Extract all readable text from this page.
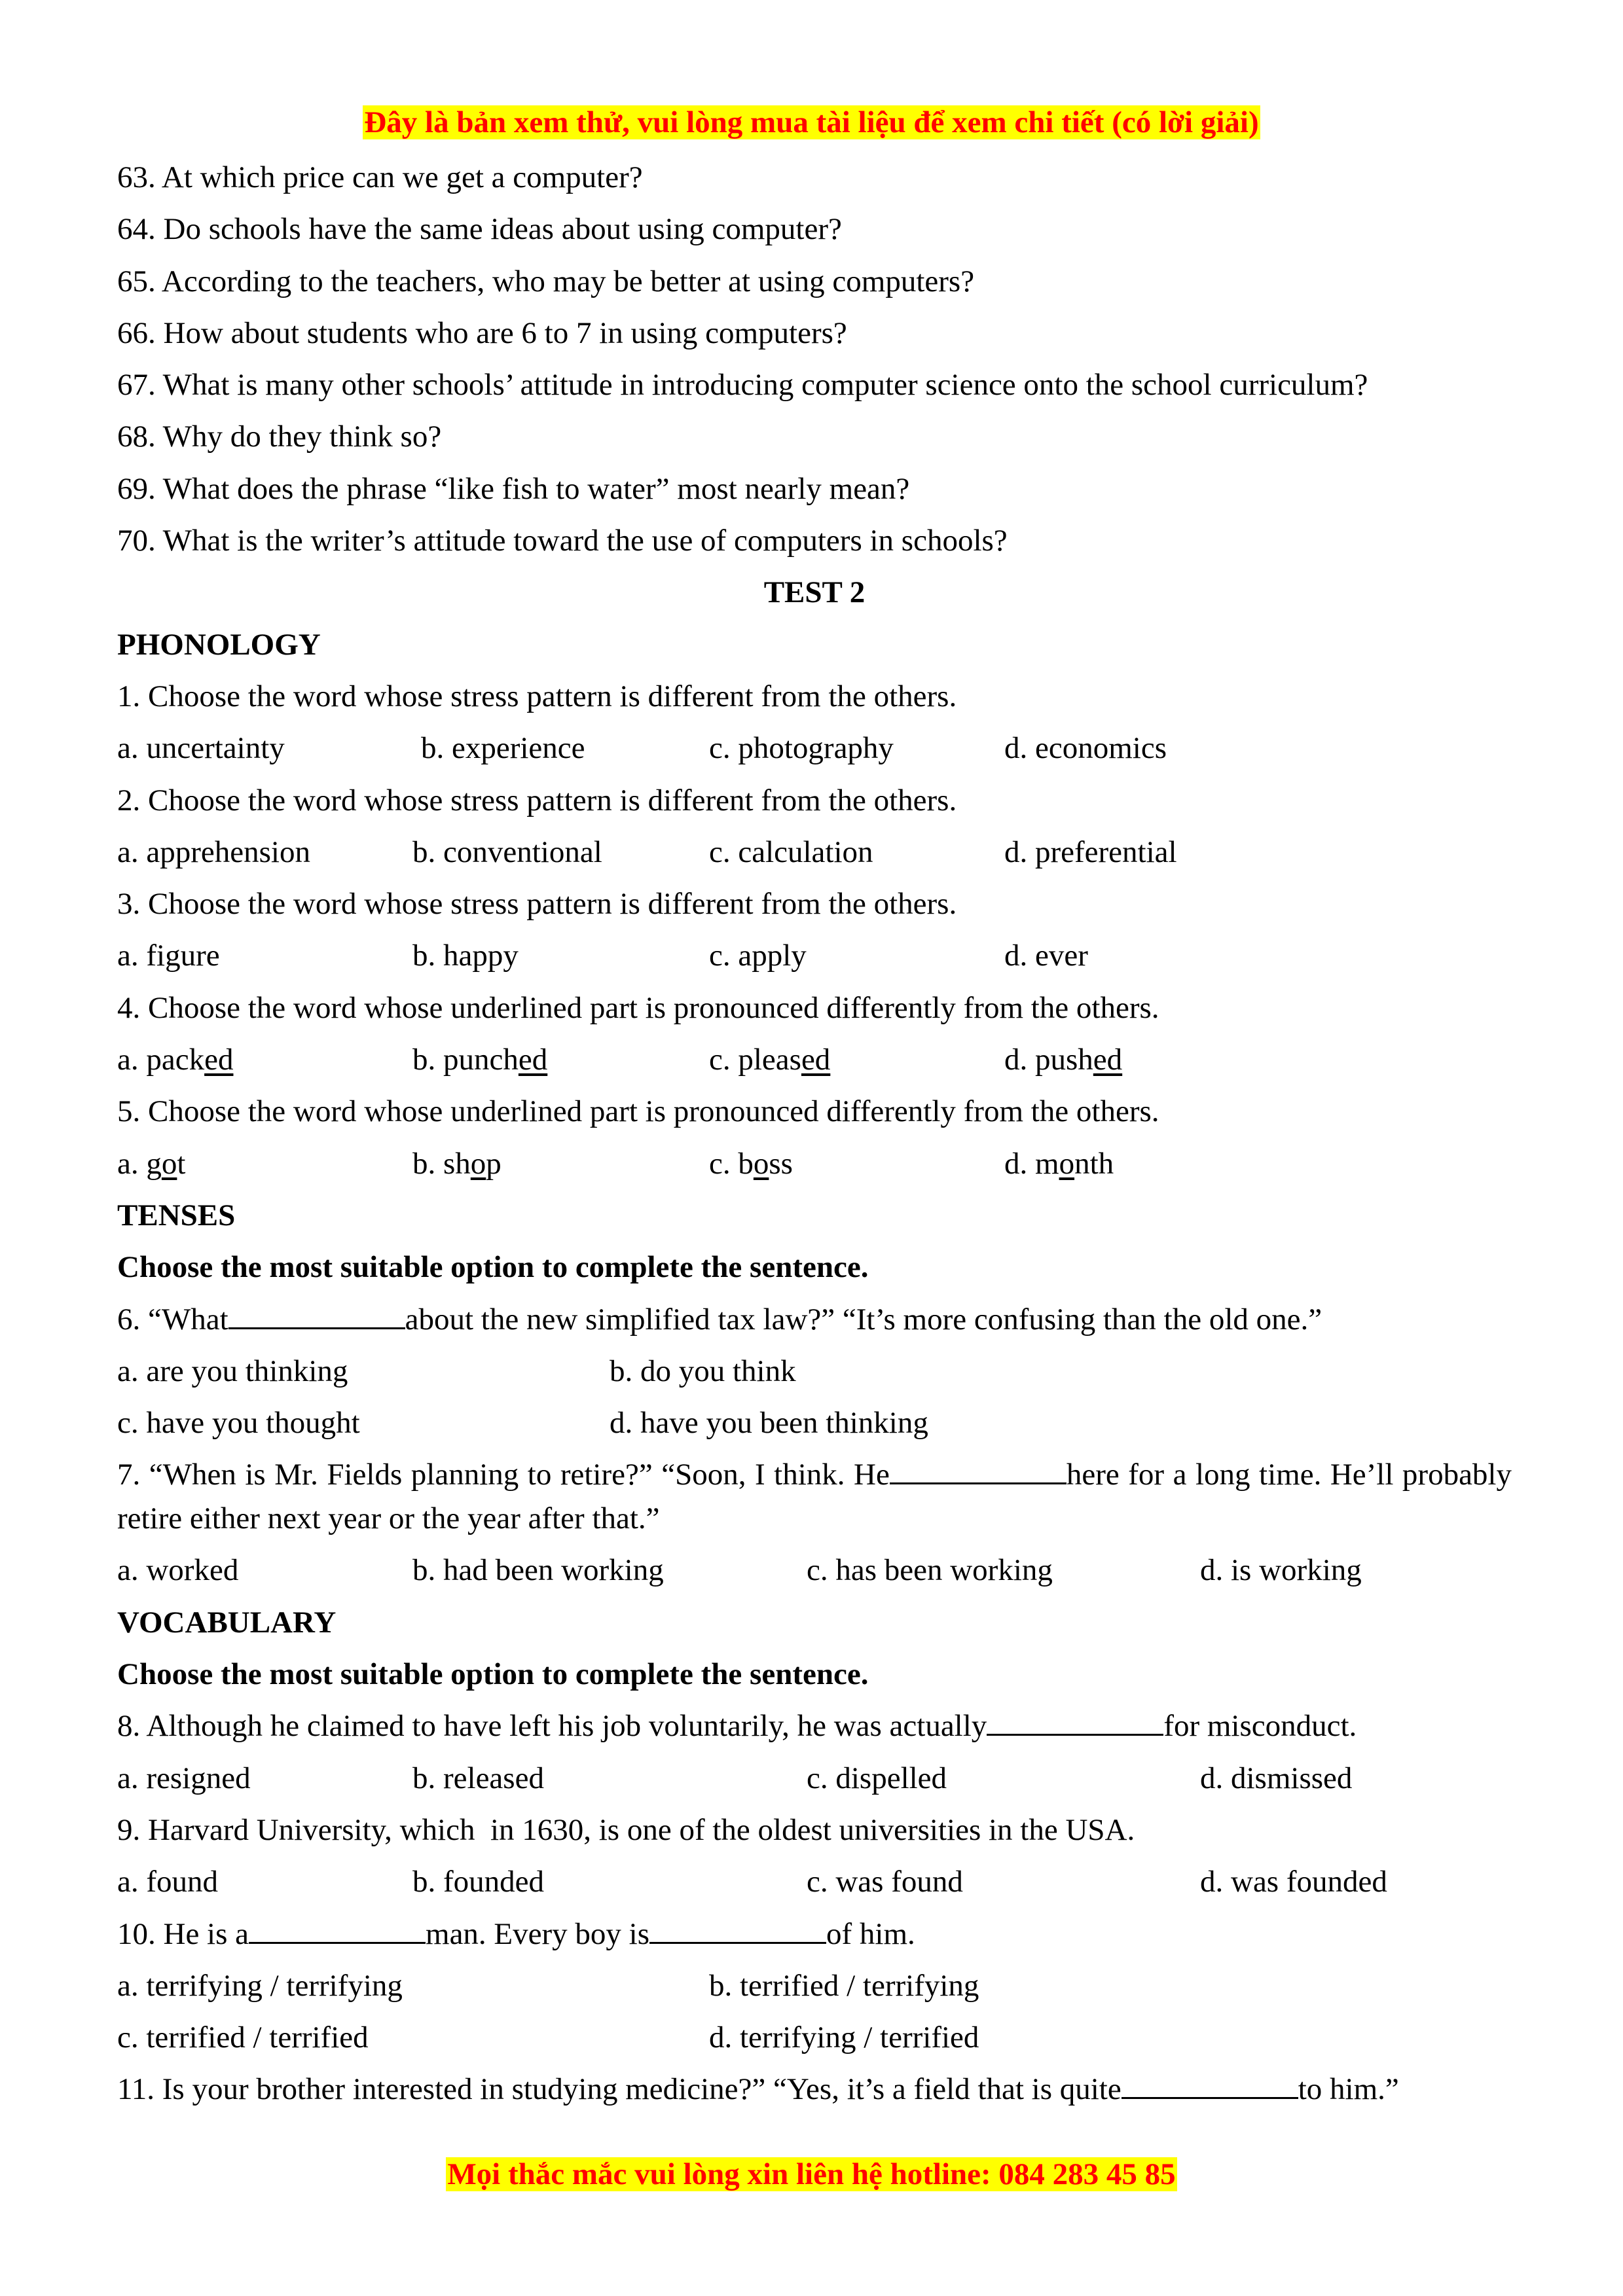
Đây là bản xem thử, vui lòng mua tài liệu để xem chi tiết (có lời giải)
63. At which price can we get a computer?
64. Do schools have the same ideas about using computer?
65. According to the teachers, who may be better at using computers?
66. How about students who are 6 to 7 in using computers?
67. What is many other schools’ attitude in introducing computer science onto the school curriculum?
68. Why do they think so?
69. What does the phrase “like fish to water” most nearly mean?
70. What is the writer’s attitude toward the use of computers in schools?
TEST 2
PHONOLOGY
1. Choose the word whose stress pattern is different from the others.
a. uncertainty	b. experience	c. photography	d. economics
2. Choose the word whose stress pattern is different from the others.
a. apprehension	b. conventional	c. calculation	d. preferential
3. Choose the word whose stress pattern is different from the others.
a. figure	b. happy	c. apply	d. ever
4. Choose the word whose underlined part is pronounced differently from the others.
a. packed	b. punched	c. pleased	d. pushed
5. Choose the word whose underlined part is pronounced differently from the others.
a. got	b. shop	c. boss	d. month
TENSES
Choose the most suitable option to complete the sentence.
6. “What	about the new simplified tax law?” “It’s more confusing than the old one.”
a. are you thinking	b. do you think
c. have you thought	d. have you been thinking
7. “When is Mr. Fields planning to retire?” “Soon, I think. He	here for a long time. He’ll probably retire either next year or the year after that.”
a. worked	b. had been working	c. has been working	d. is working
VOCABULARY
Choose the most suitable option to complete the sentence.
8. Although he claimed to have left his job voluntarily, he was actually	for misconduct.
a. resigned	b. released	c. dispelled	d. dismissed
9. Harvard University, which  in 1630, is one of the oldest universities in the USA.
a. found	b. founded	c. was found	d. was founded
10. He is a	man. Every boy is	of him.
a. terrifying / terrifying	b. terrified / terrifying
c. terrified / terrified	d. terrifying / terrified
11. Is your brother interested in studying medicine?” “Yes, it’s a field that is quite	to him.”
Mọi thắc mắc vui lòng xin liên hệ hotline: 084 283 45 85
